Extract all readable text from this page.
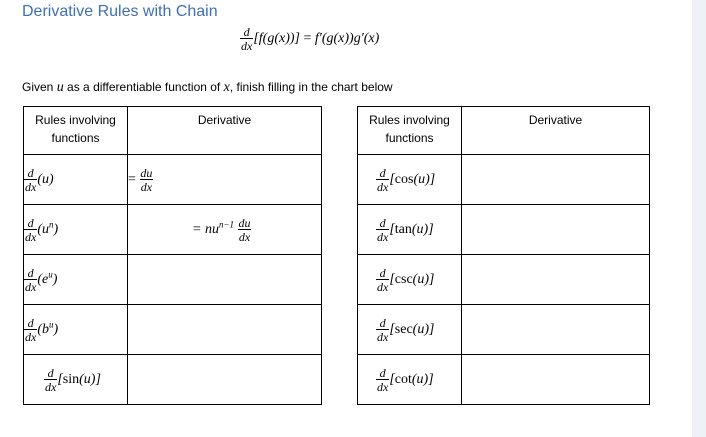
Derivative Rules with Chain
$\frac{d}{dx} [f(g(x))] = f'(g(x))g'(x)$
Given u as a differentiable function of x, finish filling in the chart below
Rules involving
functions	Derivative

$\frac{d}{dx} (u)$	= $\frac{du}{dx}$

$\frac{d}{dx} (u^n)$	= $nu^{n-1} \frac{du}{dx}$

$\frac{d}{dx} (e^u)$	

$\frac{d}{dx} (b^u)$	

$\frac{d}{dx} [\sin(u)]$	
Rules involving
functions	Derivative

$\frac{d}{dx} [\cos(u)]$	

$\frac{d}{dx} [\tan(u)]$	

$\frac{d}{dx} [\csc(u)]$	

$\frac{d}{dx} [\sec(u)]$	

$\frac{d}{dx} [\cot(u)]$	
